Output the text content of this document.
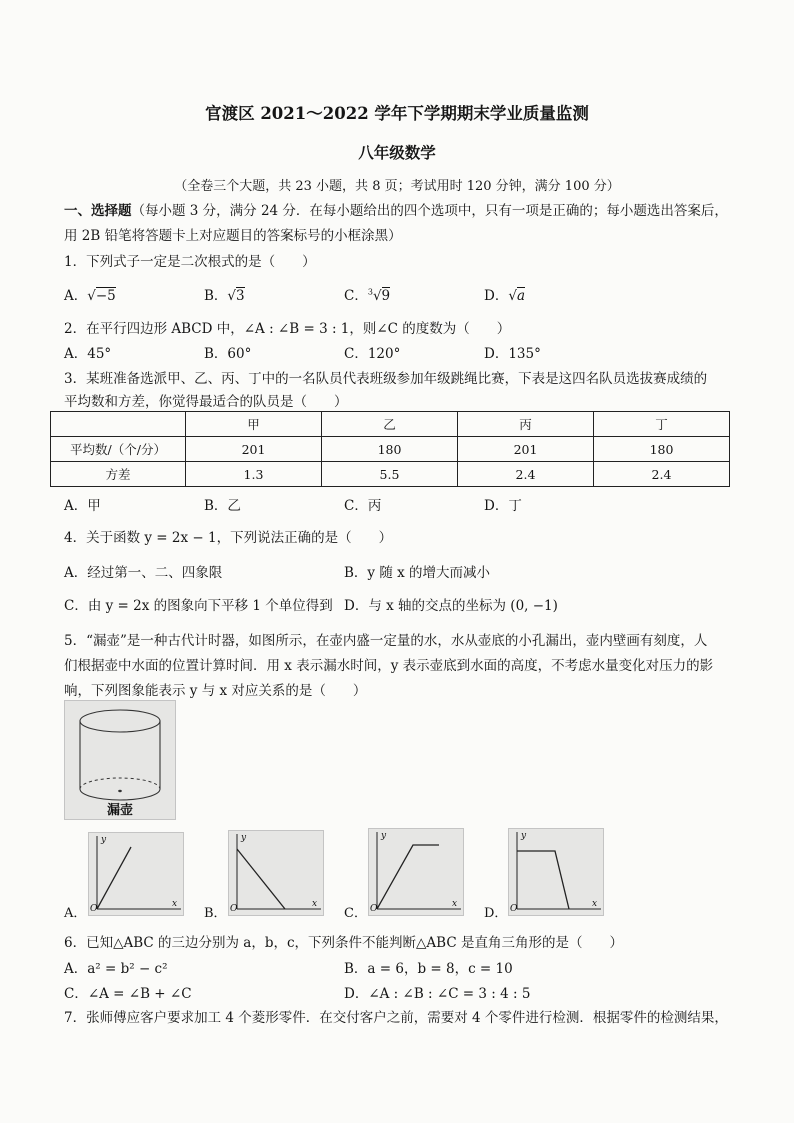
官渡区 2021～2022 学年下学期期末学业质量监测
八年级数学
（全卷三个大题，共 23 小题，共 8 页；考试用时 120 分钟，满分 100 分）
一、选择题（每小题 3 分，满分 24 分．在每小题给出的四个选项中，只有一项是正确的；每小题选出答案后，
用 2B 铅笔将答题卡上对应题目的答案标号的小框涂黑）
1．下列式子一定是二次根式的是（　　）
A．√−5	B．√3	C．$^3$√9	D．√a
2．在平行四边形 ABCD 中，∠A : ∠B = 3 : 1，则∠C 的度数为（　　）
A．45°	B．60°	C．120°	D．135°
3．某班准备选派甲、乙、丙、丁中的一名队员代表班级参加年级跳绳比赛，下表是这四名队员选拔赛成绩的
平均数和方差，你觉得最适合的队员是（　　）
	甲	乙	丙	丁
平均数/（个/分）	201	180	201	180
方差	1.3	5.5	2.4	2.4
A．甲	B．乙	C．丙	D．丁
4．关于函数 y = 2x − 1，下列说法正确的是（　　）
A．经过第一、二、四象限	B．y 随 x 的增大而减小
C．由 y = 2x 的图象向下平移 1 个单位得到 D．与 x 轴的交点的坐标为 (0, −1)
5．“漏壶”是一种古代计时器，如图所示，在壶内盛一定量的水，水从壶底的小孔漏出，壶内壁画有刻度，人
们根据壶中水面的位置计算时间．用 x 表示漏水时间，y 表示壶底到水面的高度，不考虑水量变化对压力的影
响，下列图象能表示 y 与 x 对应关系的是（　　）
漏壶
A．
y
x
O	B．
y
x
O	C．
y
x
O	D．
y
x
O
6．已知△ABC 的三边分别为 a，b，c，下列条件不能判断△ABC 是直角三角形的是（　　）
A．a² = b² − c²	B．a = 6，b = 8，c = 10
C．∠A = ∠B + ∠C	D．∠A : ∠B : ∠C = 3 : 4 : 5
7．张师傅应客户要求加工 4 个菱形零件．在交付客户之前，需要对 4 个零件进行检测．根据零件的检测结果，
